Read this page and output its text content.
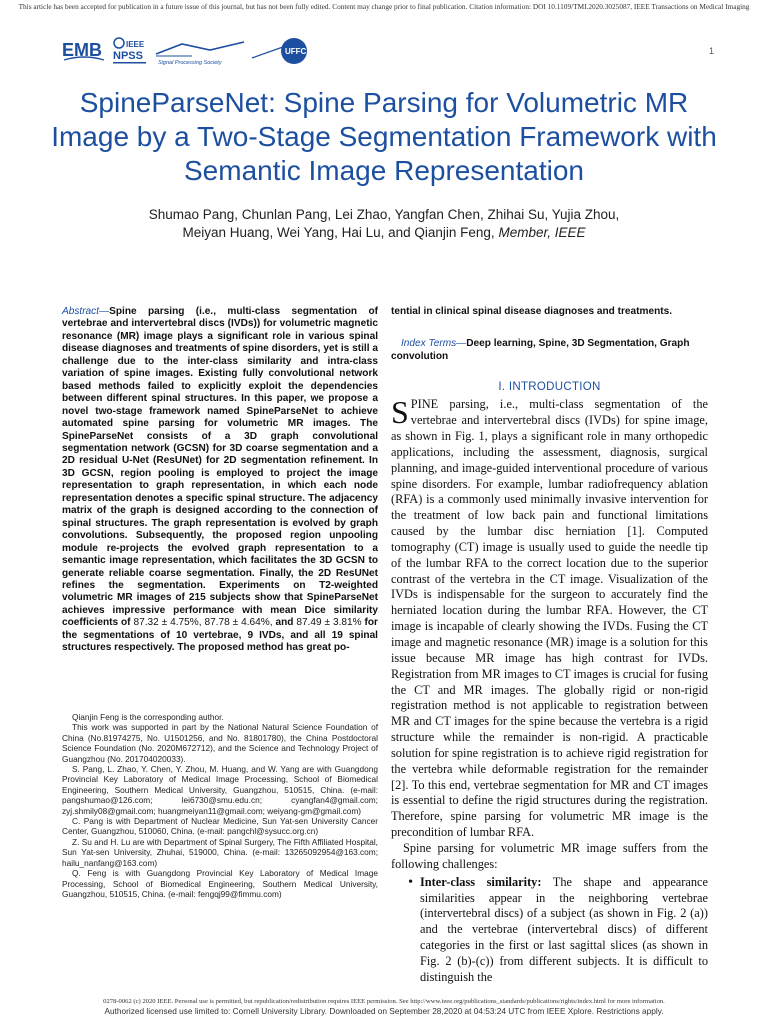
This article has been accepted for publication in a future issue of this journal, but has not been fully edited. Content may change prior to final publication. Citation information: DOI 10.1109/TMI.2020.3025087, IEEE Transactions on Medical Imaging
EMB	IEEE
NPSS
Signal Processing Society
UFFC	1
SpineParseNet: Spine Parsing for Volumetric MR Image by a Two-Stage Segmentation Framework with Semantic Image Representation
Shumao Pang, Chunlan Pang, Lei Zhao, Yangfan Chen, Zhihai Su, Yujia Zhou,
Meiyan Huang, Wei Yang, Hai Lu, and Qianjin Feng, Member, IEEE

Abstract—Spine parsing (i.e., multi-class segmentation of vertebrae and intervertebral discs (IVDs)) for volumetric magnetic resonance (MR) image plays a significant role in various spinal disease diagnoses and treatments of spine disorders, yet is still a challenge due to the inter-class similarity and intra-class variation of spine images. Existing fully convolutional network based methods failed to explicitly exploit the dependencies between different spinal structures. In this paper, we propose a novel two-stage framework named SpineParseNet to achieve automated spine parsing for volumetric MR images. The SpineParseNet consists of a 3D graph convolutional segmentation network (GCSN) for 3D coarse segmentation and a 2D residual U-Net (ResUNet) for 2D segmentation refinement. In 3D GCSN, region pooling is employed to project the image representation to graph representation, in which each node representation denotes a specific spinal structure. The adjacency matrix of the graph is designed according to the connection of spinal structures. The graph representation is evolved by graph convolutions. Subsequently, the proposed region unpooling module re-projects the evolved graph representation to a semantic image representation, which facilitates the 3D GCSN to generate reliable coarse segmentation. Finally, the 2D ResUNet refines the segmentation. Experiments on T2-weighted volumetric MR images of 215 subjects show that SpineParseNet achieves impressive performance with mean Dice similarity coefficients of 87.32 ± 4.75%, 87.78 ± 4.64%, and 87.49 ± 3.81% for the segmentations of 10 vertebrae, 9 IVDs, and all 19 spinal structures respectively. The proposed method has great po-

Qianjin Feng is the corresponding author.

This work was supported in part by the National Natural Science Foundation of China (No.81974275, No. U1501256, and No. 81801780), the China Postdoctoral Science Foundation (No. 2020M672712), and the Science and Technology Project of Guangzhou (No. 201704020033).

S. Pang, L. Zhao, Y. Chen, Y. Zhou, M. Huang, and W. Yang are with Guangdong Provincial Key Laboratory of Medical Image Processing, School of Biomedical Engineering, Southern Medical University, Guangzhou, 510515, China. (e-mail: pangshumao@126.com; lei6730@smu.edu.cn; cyangfan4@gmail.com; zyj.shmily08@gmail.com; huangmeiyan11@gmail.com; weiyang-gm@gmail.com)

C. Pang is with Department of Nuclear Medicine, Sun Yat-sen University Cancer Center, Guangzhou, 510060, China. (e-mail: pangchl@sysucc.org.cn)

Z. Su and H. Lu are with Department of Spinal Surgery, The Fifth Affiliated Hospital, Sun Yat-sen University, Zhuhai, 519000, China. (e-mail: 13265092954@163.com; hailu_nanfang@163.com)

Q. Feng is with Guangdong Provincial Key Laboratory of Medical Image Processing, School of Biomedical Engineering, Southern Medical University, Guangzhou, 510515, China. (e-mail: fengqj99@fimmu.com)

tential in clinical spinal disease diagnoses and treatments.

Index Terms—Deep learning, Spine, 3D Segmentation, Graph convolution

I. INTRODUCTION

SPINE parsing, i.e., multi-class segmentation of the vertebrae and intervertebral discs (IVDs) for spine image, as shown in Fig. 1, plays a significant role in many orthopedic applications, including the assessment, diagnosis, surgical planning, and image-guided interventional procedure of various spine disorders. For example, lumbar radiofrequency ablation (RFA) is a commonly used minimally invasive intervention for the treatment of low back pain and functional limitations caused by the lumbar disc herniation [1]. Computed tomography (CT) image is usually used to guide the needle tip of the lumbar RFA to the correct location due to the superior contrast of the vertebra in the CT image. Visualization of the IVDs is indispensable for the surgeon to accurately find the herniated location during the lumbar RFA. However, the CT image is incapable of clearly showing the IVDs. Fusing the CT image and magnetic resonance (MR) image is a solution for this issue because MR image has high contrast for IVDs. Registration from MR images to CT images is crucial for fusing the CT and MR images. The globally rigid or non-rigid registration method is not applicable to registration between MR and CT images for the spine because the vertebra is a rigid structure while the remainder is non-rigid. A practicable solution for spine registration is to achieve rigid registration for the vertebra while deformable registration for the remainder [2]. To this end, vertebrae segmentation for MR and CT images is essential to define the rigid structures during the registration. Therefore, spine parsing for volumetric MR image is the precondition of lumbar RFA.

Spine parsing for volumetric MR image suffers from the following challenges:

• Inter-class similarity: The shape and appearance similarities appear in the neighboring vertebrae (intervertebral discs) of a subject (as shown in Fig. 2 (a)) and the vertebrae (intervertebral discs) of different categories in the first or last sagittal slices (as shown in Fig. 2 (b)-(c)) from different subjects. It is difficult to distinguish the
0278-0062 (c) 2020 IEEE. Personal use is permitted, but republication/redistribution requires IEEE permission. See http://www.ieee.org/publications_standards/publications/rights/index.html for more information.
Authorized licensed use limited to: Cornell University Library. Downloaded on September 28,2020 at 04:53:24 UTC from IEEE Xplore. Restrictions apply.
